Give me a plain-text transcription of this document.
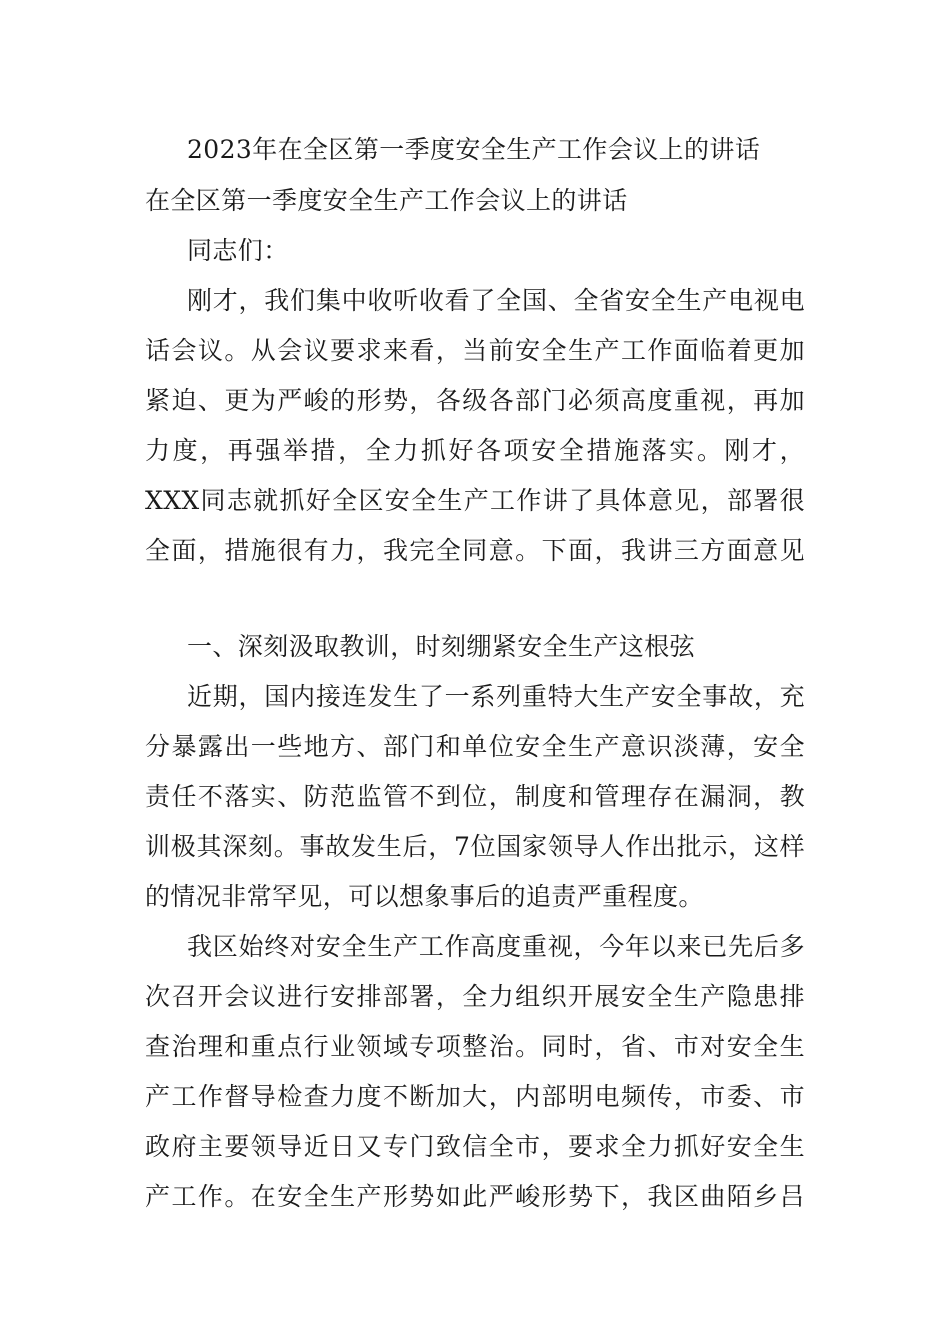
2023年在全区第一季度安全生产工作会议上的讲话
在全区第一季度安全生产工作会议上的讲话
同志们：
刚才，我们集中收听收看了全国、全省安全生产电视电
话会议。从会议要求来看，当前安全生产工作面临着更加
紧迫、更为严峻的形势，各级各部门必须高度重视，再加
力度，再强举措，全力抓好各项安全措施落实。刚才，
XXX同志就抓好全区安全生产工作讲了具体意见，部署很
全面，措施很有力，我完全同意。下面，我讲三方面意见
一、深刻汲取教训，时刻绷紧安全生产这根弦
近期，国内接连发生了一系列重特大生产安全事故，充
分暴露出一些地方、部门和单位安全生产意识淡薄，安全
责任不落实、防范监管不到位，制度和管理存在漏洞，教
训极其深刻。事故发生后，7位国家领导人作出批示，这样
的情况非常罕见，可以想象事后的追责严重程度。
我区始终对安全生产工作高度重视，今年以来已先后多
次召开会议进行安排部署，全力组织开展安全生产隐患排
查治理和重点行业领域专项整治。同时，省、市对安全生
产工作督导检查力度不断加大，内部明电频传，市委、市
政府主要领导近日又专门致信全市，要求全力抓好安全生
产工作。在安全生产形势如此严峻形势下，我区曲陌乡吕
